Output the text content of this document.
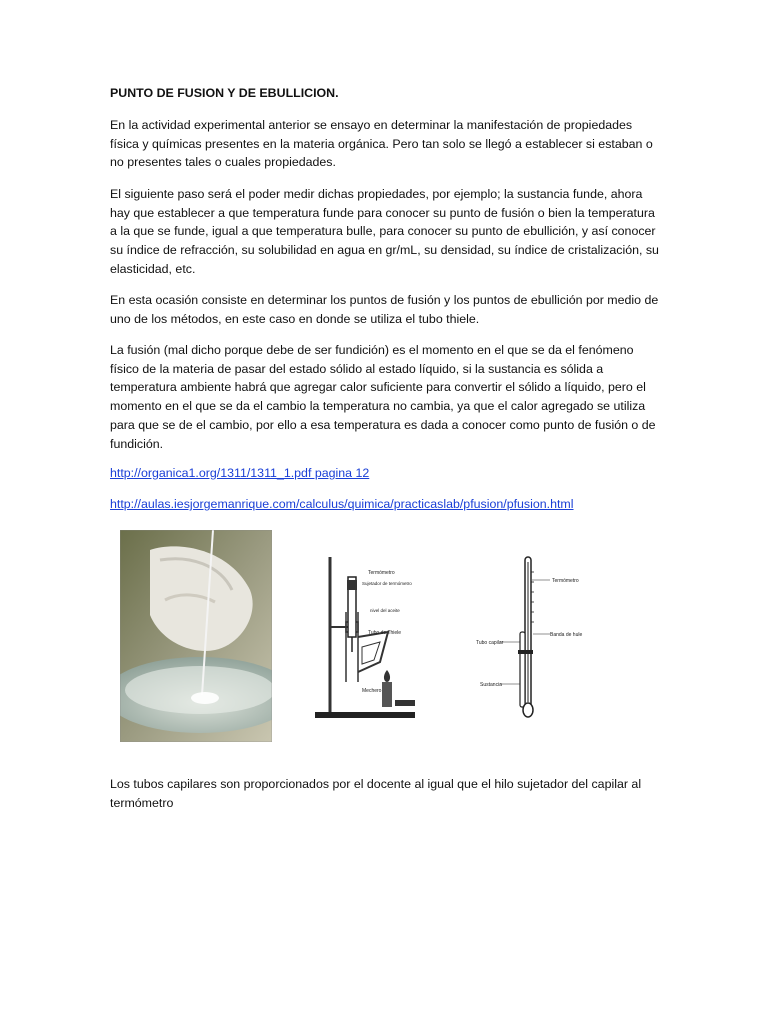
PUNTO DE FUSION Y DE EBULLICION.

En la actividad experimental anterior se ensayo en determinar la manifestación de propiedades física y químicas presentes en la materia orgánica. Pero tan solo se llegó a establecer si estaban o no presentes tales o cuales propiedades.

El siguiente paso será el poder medir dichas propiedades, por ejemplo; la sustancia funde, ahora hay que establecer a que temperatura funde para conocer su punto de fusión o bien la temperatura a la que se funde, igual a que temperatura bulle, para conocer su punto de ebullición, y así conocer su índice de refracción, su solubilidad en agua en gr/mL, su densidad, su índice de cristalización, su elasticidad, etc.

En esta ocasión consiste en determinar los puntos de fusión y los puntos de ebullición por medio de uno de los métodos, en este caso en donde se utiliza el tubo thiele.

La fusión (mal dicho porque debe de ser fundición) es el momento en el que se da el fenómeno físico de la materia de pasar del estado sólido al estado líquido, si la sustancia es sólida a temperatura ambiente habrá que agregar calor suficiente para convertir el sólido a líquido, pero el momento en el que se da el cambio la temperatura no cambia, ya que el calor agregado se utiliza para que se de el cambio, por ello a esa temperatura es dada a conocer como punto de fusión o de fundición.

http://organica1.org/1311/1311_1.pdf pagina 12
http://aulas.iesjorgemanrique.com/calculus/quimica/practicaslab/pfusion/pfusion.html
Termómetro
Sujetador de termómetro
nivel del aceite
Tubo de Thiele
Mechero
Termómetro
Tubo capilar
Banda de hule
Sustancia

Los tubos capilares son proporcionados por el docente al igual que el hilo sujetador del capilar al termómetro
